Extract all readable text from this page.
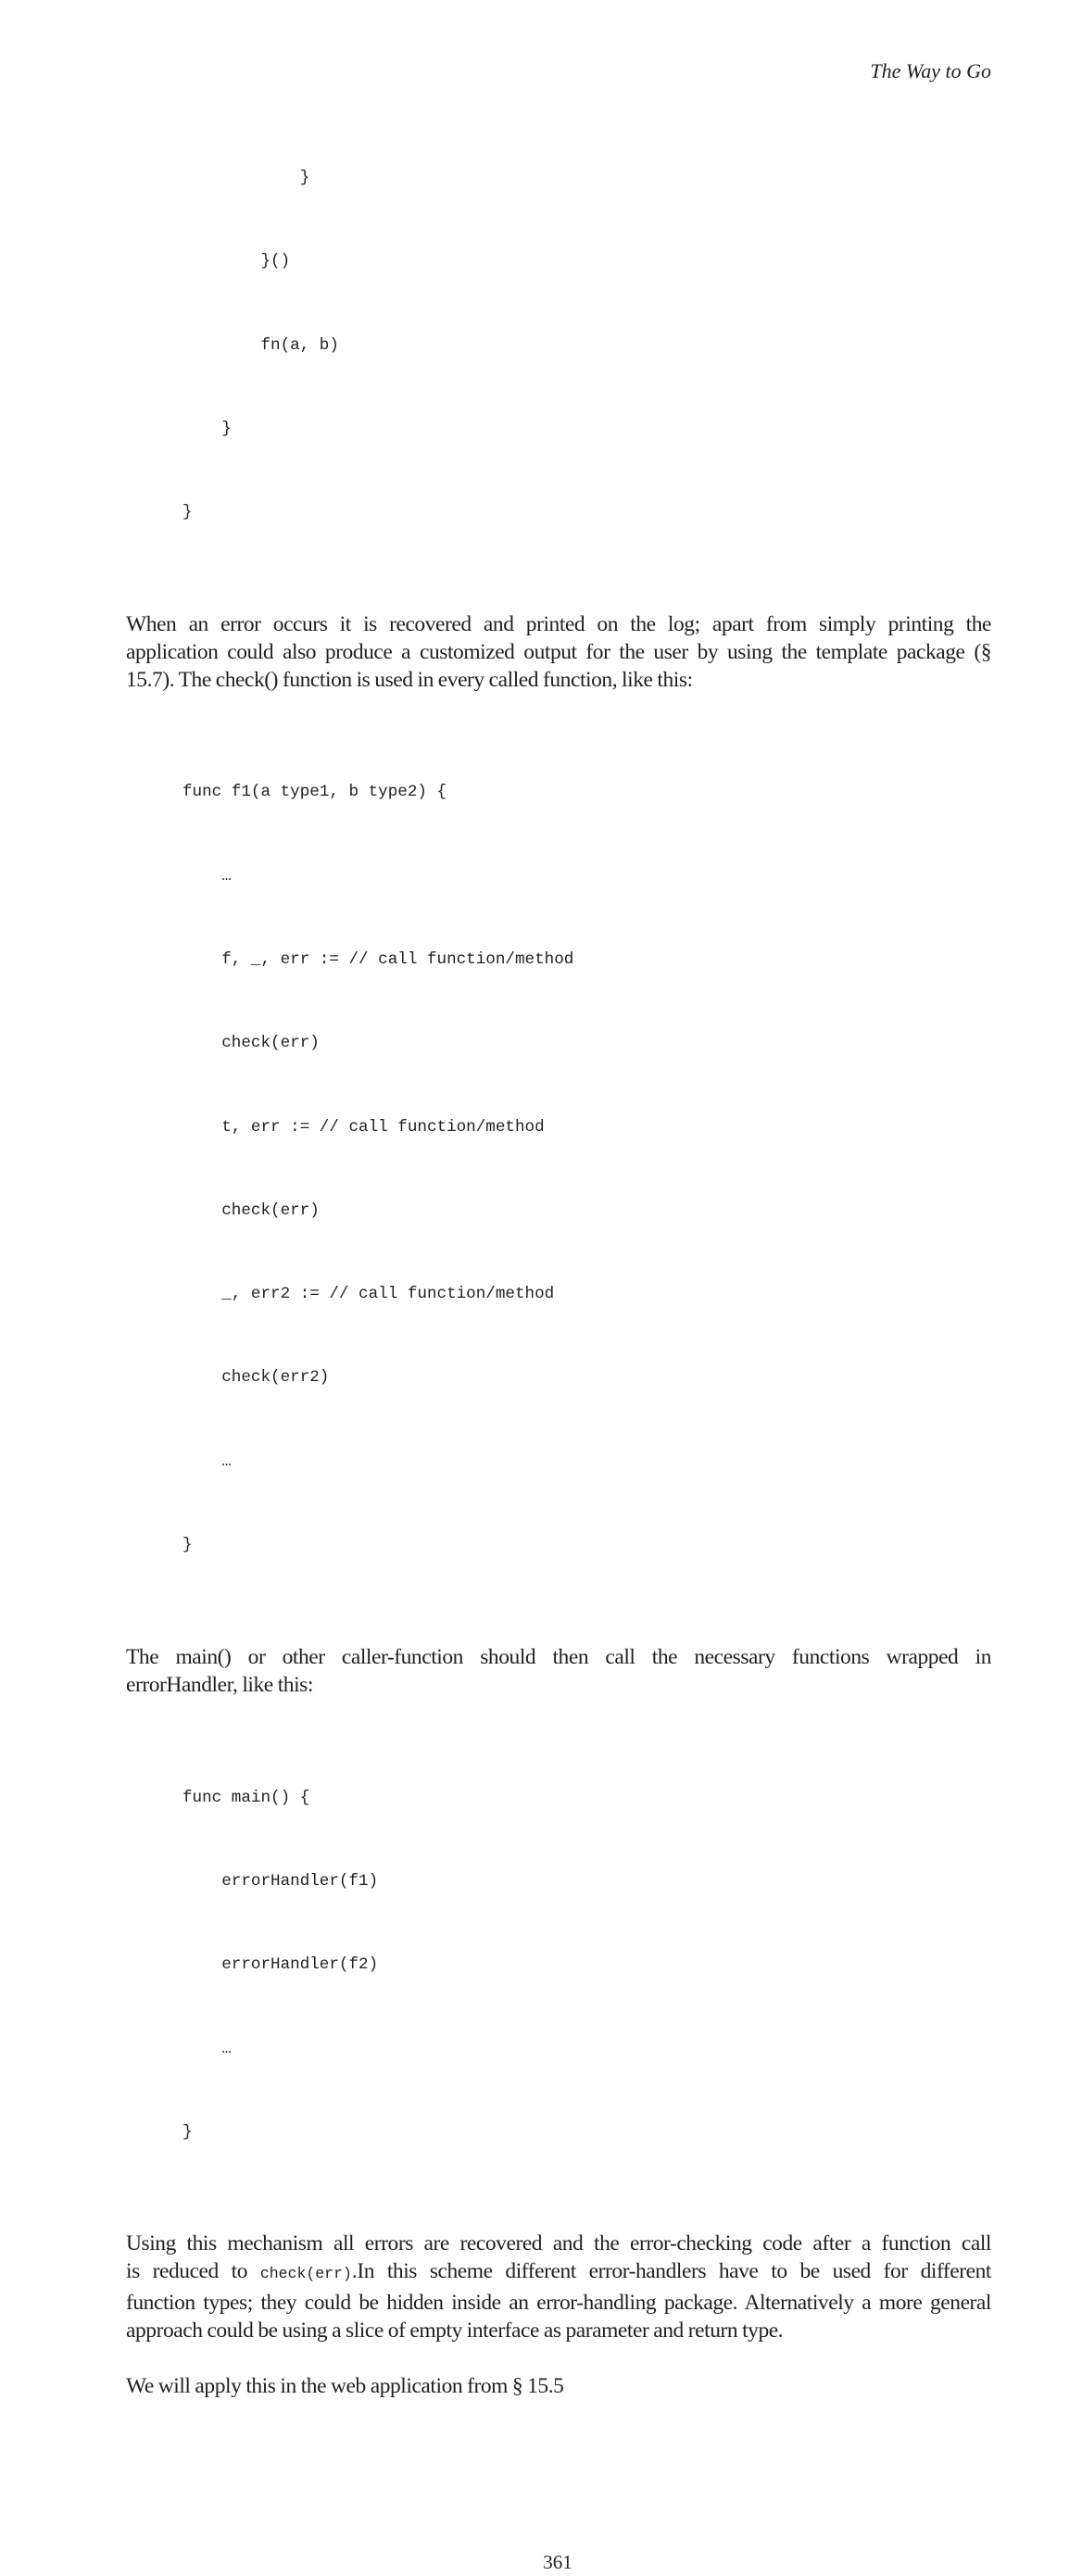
The Way to Go

}

}()

fn(a, b)

}

}

When an error occurs it is recovered and printed on the log; apart from simply printing the
application could also produce a customized output for the user by using the template package (§
15.7). The check() function is used in every called function, like this:

func f1(a type1, b type2) {

…

f, _, err := // call function/method

check(err)

t, err := // call function/method

check(err)

_, err2 := // call function/method

check(err2)

…

}

The main() or other caller-function should then call the necessary functions wrapped in
errorHandler, like this:

func main() {

errorHandler(f1)

errorHandler(f2)

…

}

Using this mechanism all errors are recovered and the error-checking code after a function call
is reduced to check(err).In this scheme different error-handlers have to be used for different
function types; they could be hidden inside an error-handling package. Alternatively a more general
approach could be using a slice of empty interface as parameter and return type.
We will apply this in the web application from § 15.5
361
